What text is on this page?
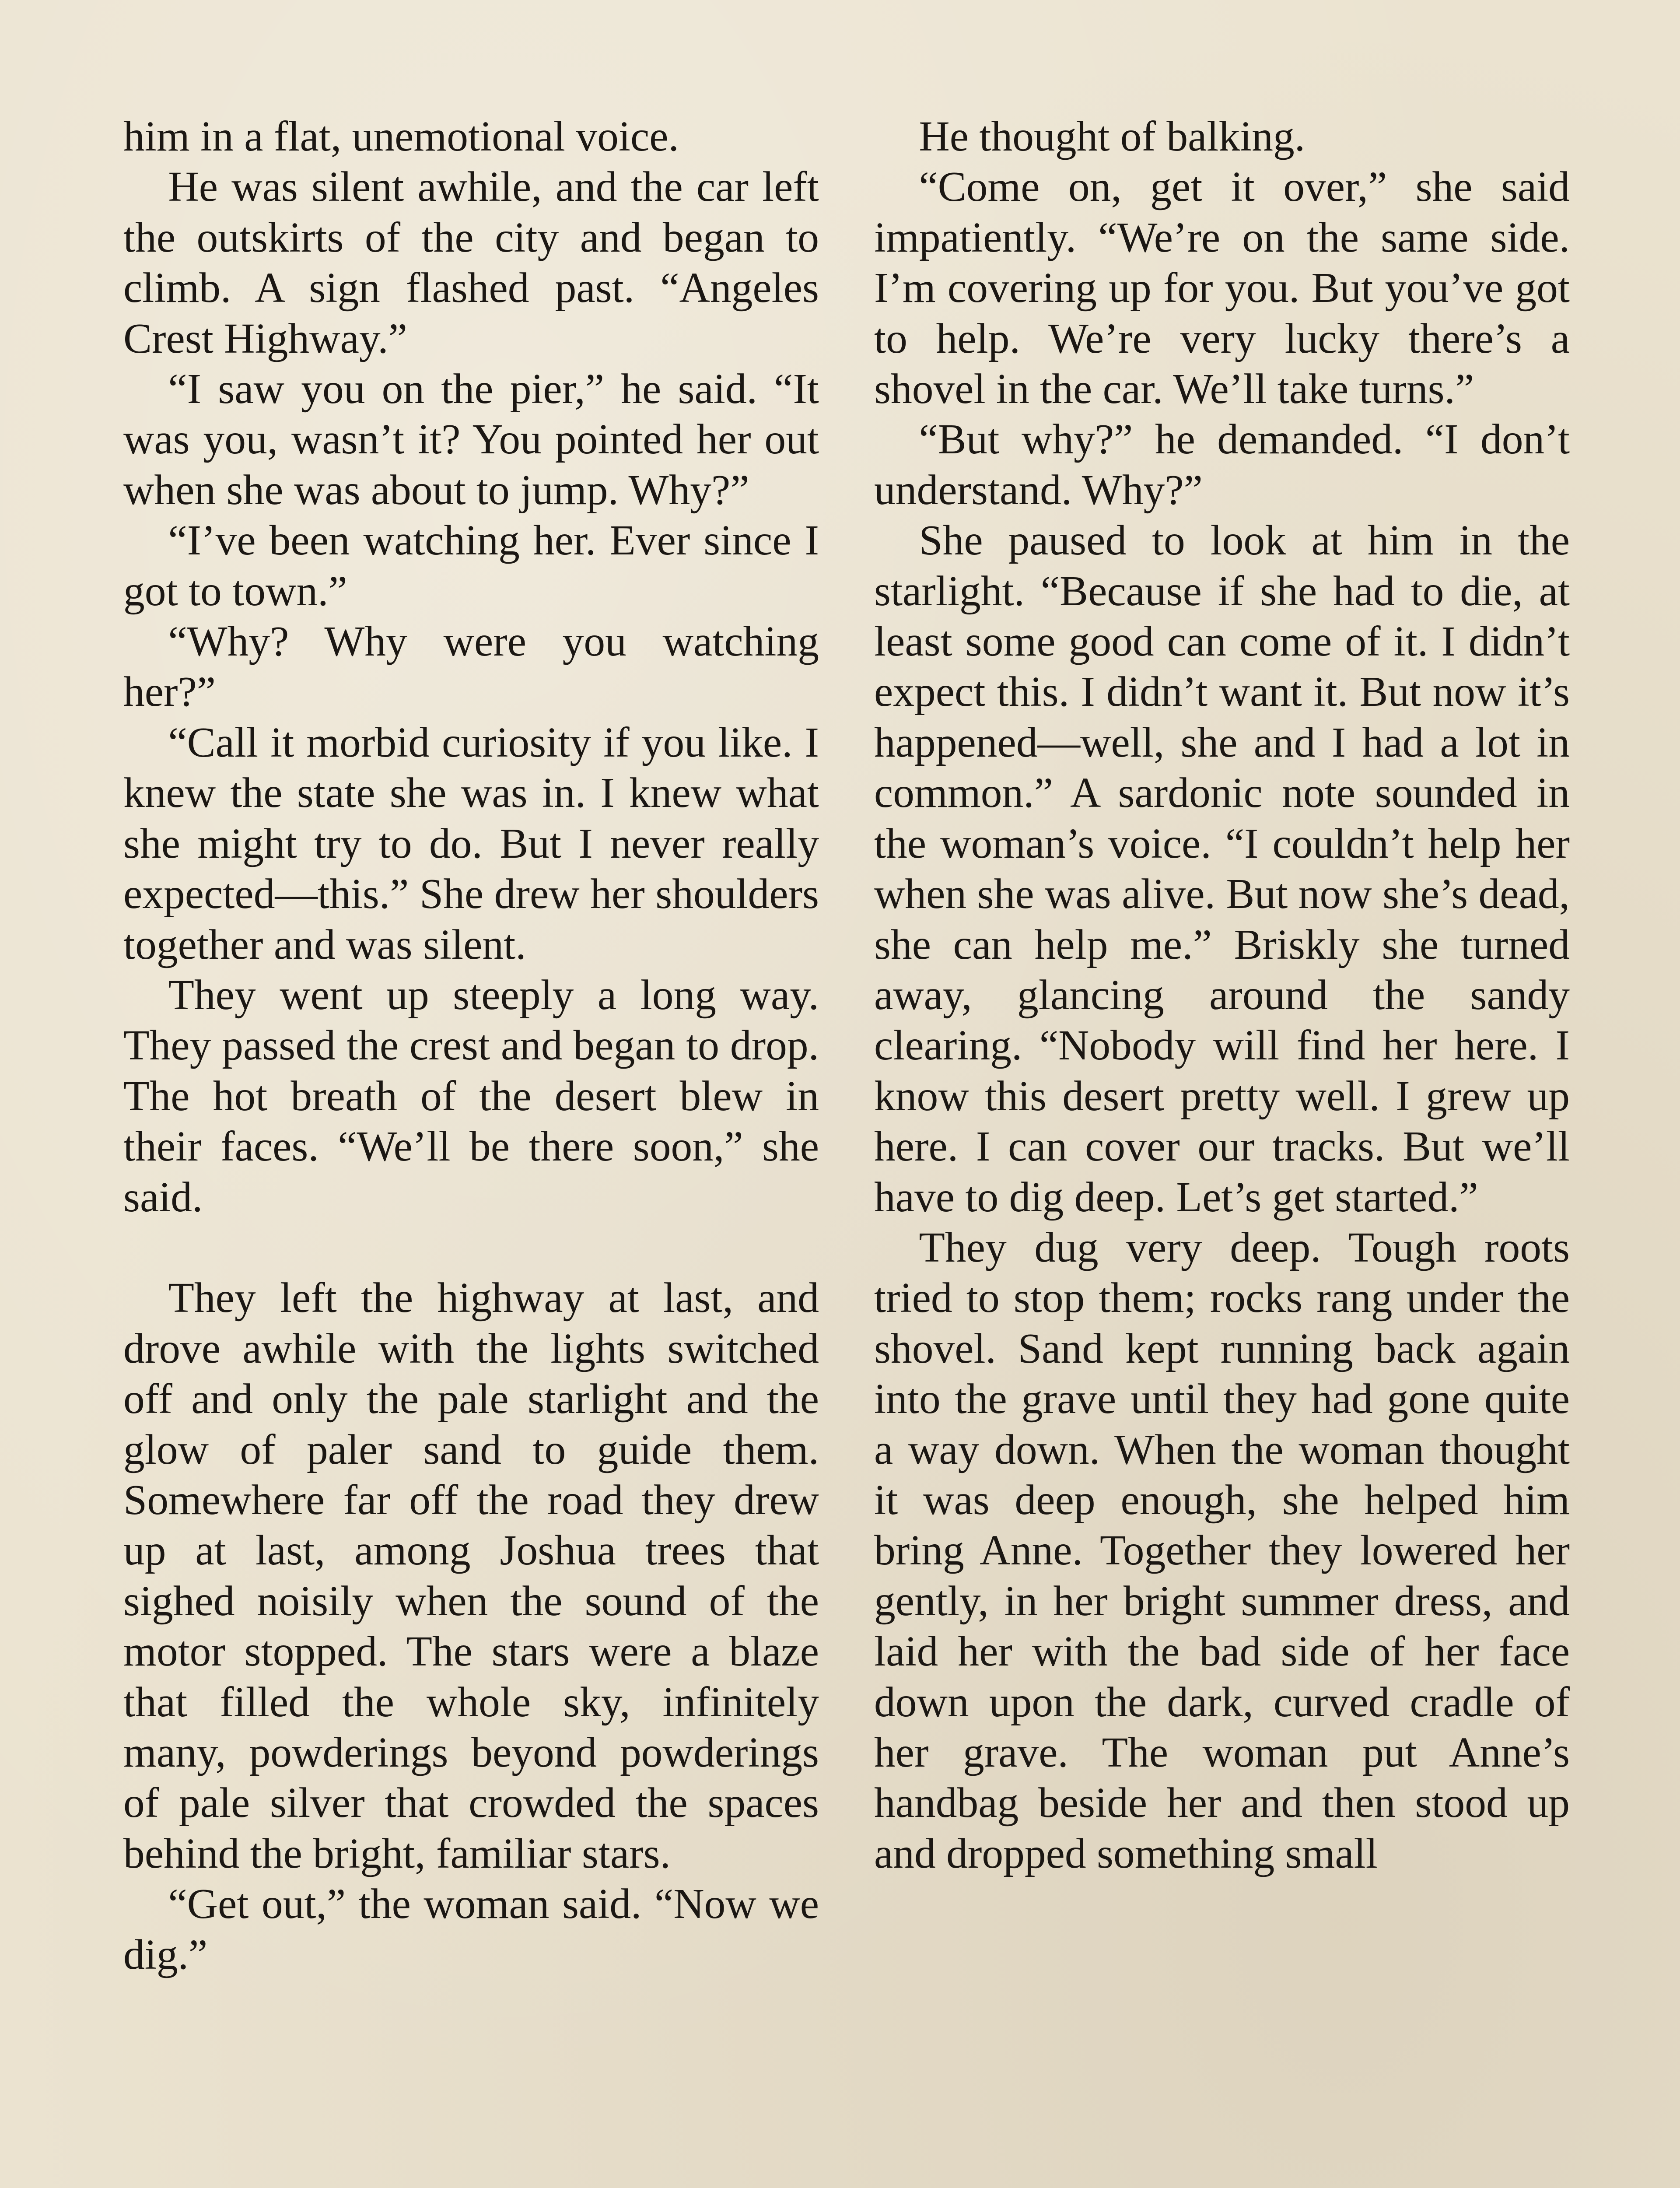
him in a flat, unemotional voice.

He was silent awhile, and the car left the outskirts of the city and began to climb. A sign flashed past. “Angeles Crest Highway.”

“I saw you on the pier,” he said. “It was you, wasn’t it? You pointed her out when she was about to jump. Why?”

“I’ve been watching her. Ever since I got to town.”

“Why? Why were you watching her?”

“Call it morbid curiosity if you like. I knew the state she was in. I knew what she might try to do. But I never really expected—this.” She drew her shoulders together and was silent.

They went up steeply a long way. They passed the crest and began to drop. The hot breath of the desert blew in their faces. “We’ll be there soon,” she said.

They left the highway at last, and drove awhile with the lights switched off and only the pale starlight and the glow of paler sand to guide them. Somewhere far off the road they drew up at last, among Joshua trees that sighed noisily when the sound of the motor stopped. The stars were a blaze that filled the whole sky, infinitely many, powderings beyond powderings of pale silver that crowded the spaces behind the bright, familiar stars.

“Get out,” the woman said. “Now we dig.”

He thought of balking.

“Come on, get it over,” she said impatiently. “We’re on the same side. I’m covering up for you. But you’ve got to help. We’re very lucky there’s a shovel in the car. We’ll take turns.”

“But why?” he demanded. “I don’t understand. Why?”

She paused to look at him in the starlight. “Because if she had to die, at least some good can come of it. I didn’t expect this. I didn’t want it. But now it’s happened—well, she and I had a lot in common.” A sardonic note sounded in the woman’s voice. “I couldn’t help her when she was alive. But now she’s dead, she can help me.” Briskly she turned away, glancing around the sandy clearing. “Nobody will find her here. I know this desert pretty well. I grew up here. I can cover our tracks. But we’ll have to dig deep. Let’s get started.”

They dug very deep. Tough roots tried to stop them; rocks rang under the shovel. Sand kept running back again into the grave until they had gone quite a way down. When the woman thought it was deep enough, she helped him bring Anne. Together they lowered her gently, in her bright summer dress, and laid her with the bad side of her face down upon the dark, curved cradle of her grave. The woman put Anne’s handbag beside her and then stood up and dropped something small
